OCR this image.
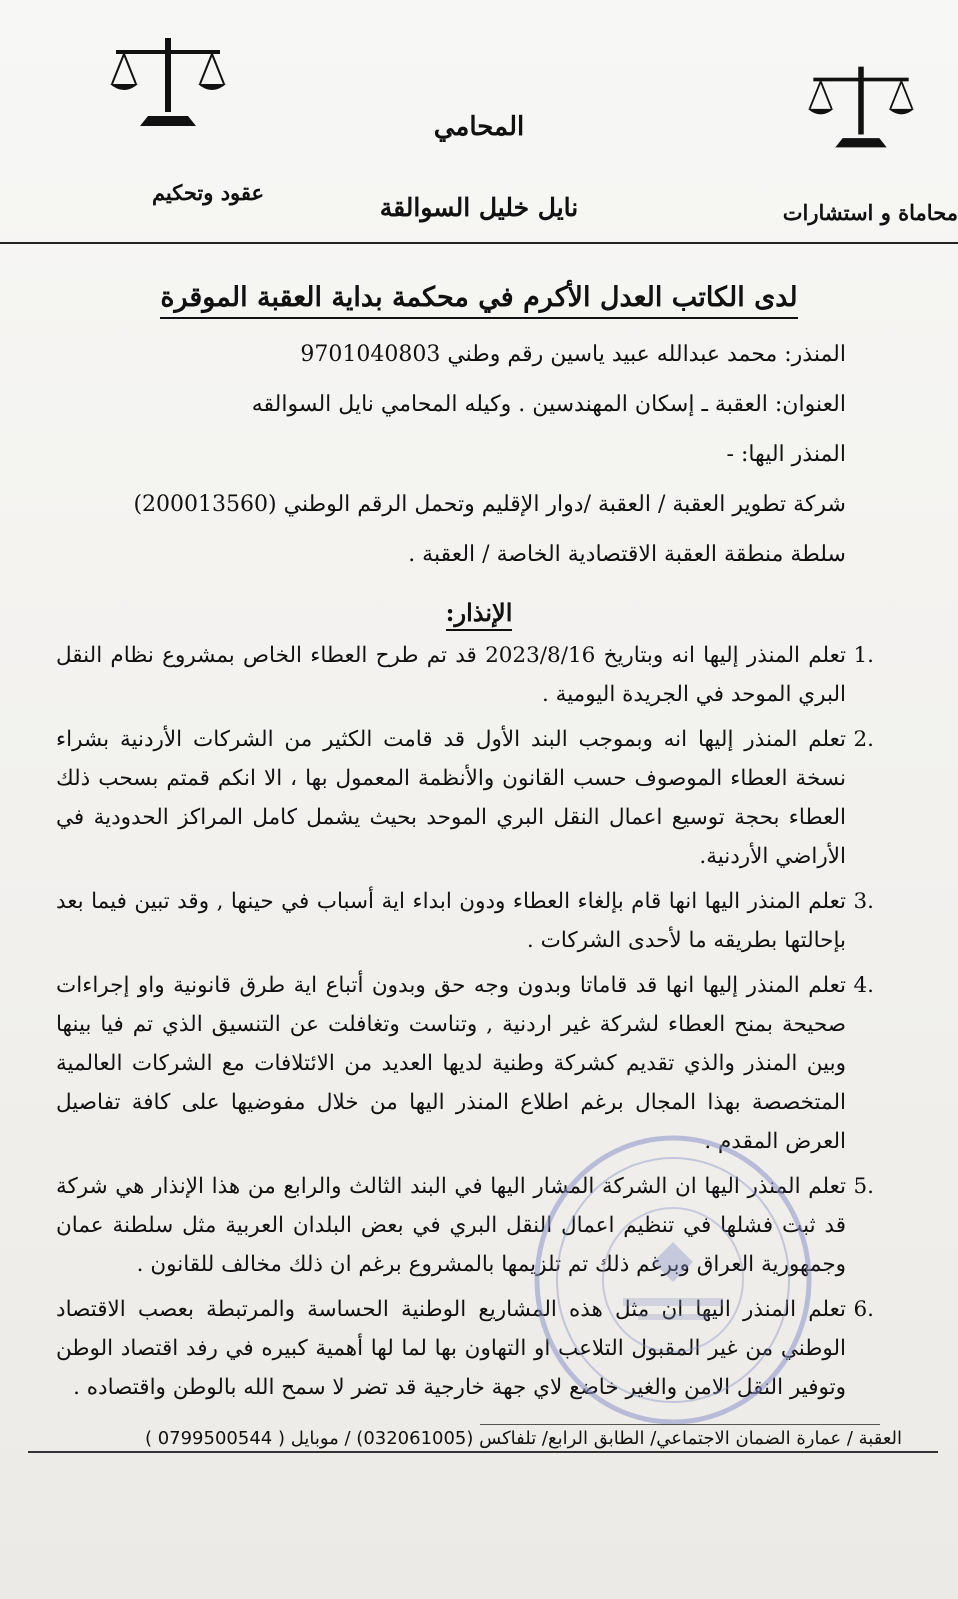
المحامي
نايل خليل السوالقة
عقود وتحكيم
محاماة و استشارات
لدى الكاتب العدل الأكرم في محكمة بداية العقبة الموقرة
المنذر: محمد عبدالله عبيد ياسين رقم وطني 9701040803
العنوان: العقبة ـ إسكان المهندسين . وكيله المحامي نايل السوالقه
المنذر اليها: -
شركة تطوير العقبة / العقبة /دوار الإقليم وتحمل الرقم الوطني (200013560)
سلطة منطقة العقبة الاقتصادية الخاصة / العقبة .
الإنذار:
.1
تعلم المنذر إليها انه وبتاريخ 2023/8/16 قد تم طرح العطاء الخاص بمشروع نظام النقل البري الموحد في الجريدة اليومية .
.2
تعلم المنذر إليها انه وبموجب البند الأول قد قامت الكثير من الشركات الأردنية بشراء نسخة العطاء الموصوف حسب القانون والأنظمة المعمول بها ، الا انكم قمتم بسحب ذلك العطاء بحجة توسيع اعمال النقل البري الموحد بحيث يشمل كامل المراكز الحدودية في الأراضي الأردنية.
.3
تعلم المنذر اليها انها قام بإلغاء العطاء ودون ابداء اية أسباب في حينها , وقد تبين فيما بعد بإحالتها بطريقه ما لأحدى الشركات .
.4
تعلم المنذر إليها انها قد قاماتا وبدون وجه حق وبدون أتباع اية طرق قانونية واو إجراءات صحيحة بمنح العطاء لشركة غير اردنية , وتناست وتغافلت عن التنسيق الذي تم فيا بينها وبين المنذر والذي تقديم كشركة وطنية لديها العديد من الائتلافات مع الشركات العالمية المتخصصة بهذا المجال برغم اطلاع المنذر اليها من خلال مفوضيها على كافة تفاصيل العرض المقدم .
.5
تعلم المنذر اليها ان الشركة المشار اليها في البند الثالث والرابع من هذا الإنذار هي شركة قد ثبت فشلها في تنظيم اعمال النقل البري في بعض البلدان العربية مثل سلطنة عمان وجمهورية العراق وبرغم ذلك تم تلزيمها بالمشروع برغم ان ذلك مخالف للقانون .
.6
تعلم المنذر اليها ان مثل هذه المشاريع الوطنية الحساسة والمرتبطة بعصب الاقتصاد الوطني من غير المقبول التلاعب او التهاون بها لما لها أهمية كبيره في رفد اقتصاد الوطن وتوفير النقل الامن والغير خاضع لاي جهة خارجية قد تضر لا سمح الله بالوطن واقتصاده .
العقبة / عمارة الضمان الاجتماعي/ الطابق الرابع/ تلفاكس (032061005) / موبايل ( 0799500544 )
